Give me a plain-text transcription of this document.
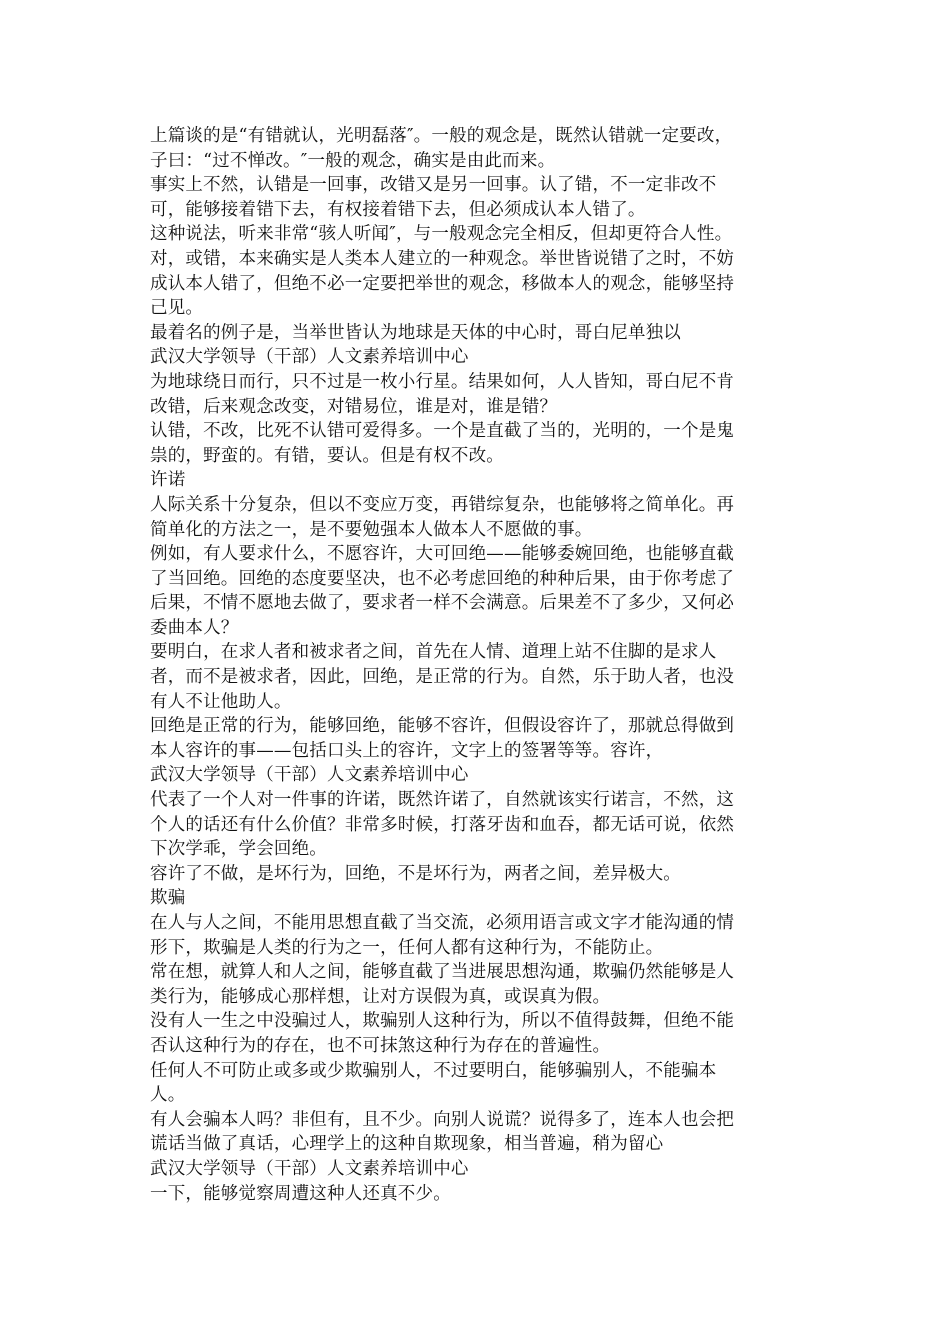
上篇谈的是“有错就认，光明磊落″。一般的观念是，既然认错就一定要改，
子曰：“过不惮改。″一般的观念，确实是由此而来。
事实上不然，认错是一回事，改错又是另一回事。认了错，不一定非改不
可，能够接着错下去，有权接着错下去，但必须成认本人错了。
这种说法，听来非常“骇人听闻″，与一般观念完全相反，但却更符合人性。
对，或错，本来确实是人类本人建立的一种观念。举世皆说错了之时，不妨
成认本人错了，但绝不必一定要把举世的观念，移做本人的观念，能够坚持
己见。
最着名的例子是，当举世皆认为地球是天体的中心时，哥白尼单独以
武汉大学领导（干部）人文素养培训中心
为地球绕日而行，只不过是一枚小行星。结果如何，人人皆知，哥白尼不肯
改错，后来观念改变，对错易位，谁是对，谁是错？
认错，不改，比死不认错可爱得多。一个是直截了当的，光明的，一个是鬼
祟的，野蛮的。有错，要认。但是有权不改。
许诺
人际关系十分复杂，但以不变应万变，再错综复杂，也能够将之简单化。再
简单化的方法之一，是不要勉强本人做本人不愿做的事。
例如，有人要求什么，不愿容许，大可回绝——能够委婉回绝，也能够直截
了当回绝。回绝的态度要坚决，也不必考虑回绝的种种后果，由于你考虑了
后果，不情不愿地去做了，要求者一样不会满意。后果差不了多少，又何必
委曲本人？
要明白，在求人者和被求者之间，首先在人情、道理上站不住脚的是求人
者，而不是被求者，因此，回绝，是正常的行为。自然，乐于助人者，也没
有人不让他助人。
回绝是正常的行为，能够回绝，能够不容许，但假设容许了，那就总得做到
本人容许的事——包括口头上的容许，文字上的签署等等。容许，
武汉大学领导（干部）人文素养培训中心
代表了一个人对一件事的许诺，既然许诺了，自然就该实行诺言，不然，这
个人的话还有什么价值？非常多时候，打落牙齿和血吞，都无话可说，依然
下次学乖，学会回绝。
容许了不做，是坏行为，回绝，不是坏行为，两者之间，差异极大。
欺骗
在人与人之间，不能用思想直截了当交流，必须用语言或文字才能沟通的情
形下，欺骗是人类的行为之一，任何人都有这种行为，不能防止。
常在想，就算人和人之间，能够直截了当进展思想沟通，欺骗仍然能够是人
类行为，能够成心那样想，让对方误假为真，或误真为假。
没有人一生之中没骗过人，欺骗别人这种行为，所以不值得鼓舞，但绝不能
否认这种行为的存在，也不可抹煞这种行为存在的普遍性。
任何人不可防止或多或少欺骗别人，不过要明白，能够骗别人，不能骗本
人。
有人会骗本人吗？非但有，且不少。向别人说谎？说得多了，连本人也会把
谎话当做了真话，心理学上的这种自欺现象，相当普遍，稍为留心
武汉大学领导（干部）人文素养培训中心
一下，能够觉察周遭这种人还真不少。
